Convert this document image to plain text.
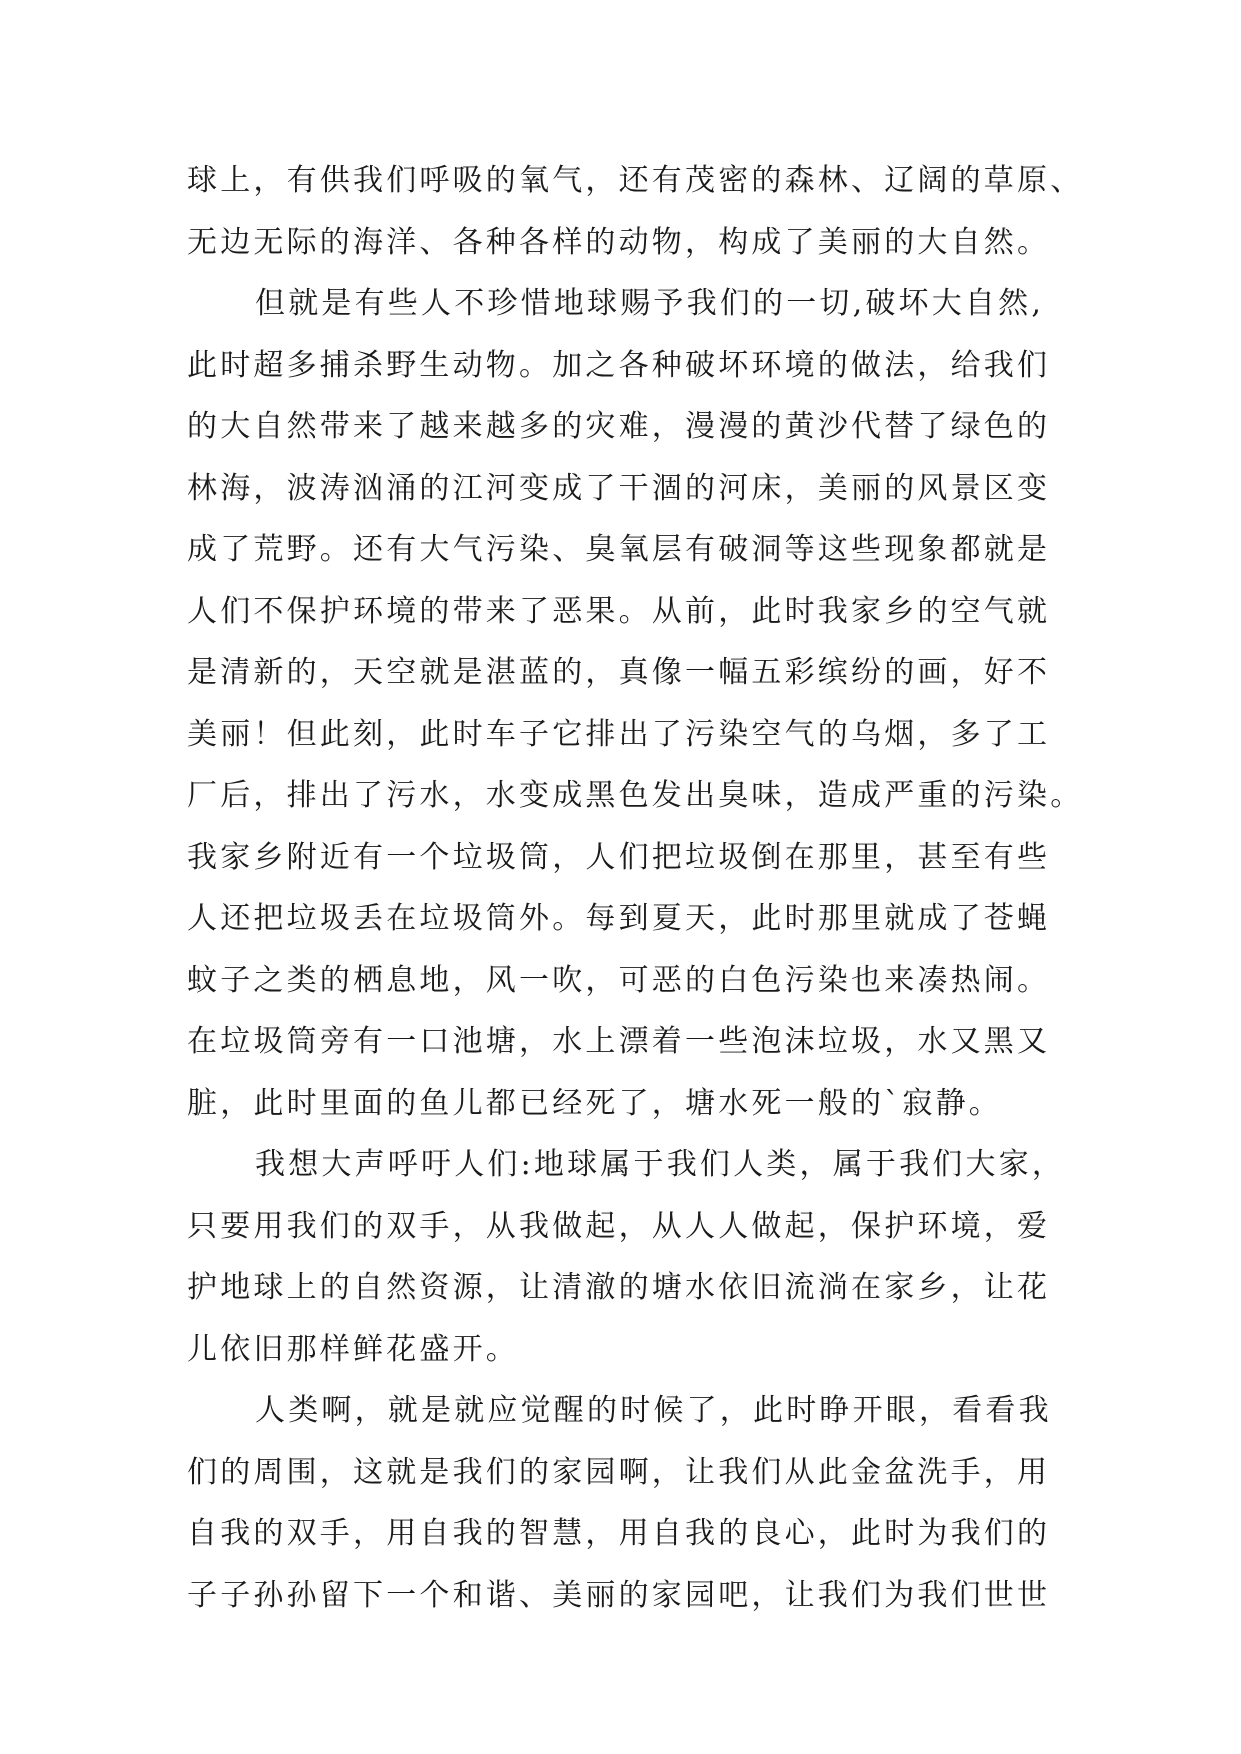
球上，有供我们呼吸的氧气，还有茂密的森林、辽阔的草原、
无边无际的海洋、各种各样的动物，构成了美丽的大自然。
但就是有些人不珍惜地球赐予我们的一切,破坏大自然,
此时超多捕杀野生动物。加之各种破坏环境的做法，给我们
的大自然带来了越来越多的灾难，漫漫的黄沙代替了绿色的
林海，波涛汹涌的江河变成了干涸的河床，美丽的风景区变
成了荒野。还有大气污染、臭氧层有破洞等这些现象都就是
人们不保护环境的带来了恶果。从前，此时我家乡的空气就
是清新的，天空就是湛蓝的，真像一幅五彩缤纷的画，好不
美丽！但此刻，此时车子它排出了污染空气的乌烟，多了工
厂后，排出了污水，水变成黑色发出臭味，造成严重的污染。
我家乡附近有一个垃圾筒，人们把垃圾倒在那里，甚至有些
人还把垃圾丢在垃圾筒外。每到夏天，此时那里就成了苍蝇
蚊子之类的栖息地，风一吹，可恶的白色污染也来凑热闹。
在垃圾筒旁有一口池塘，水上漂着一些泡沫垃圾，水又黑又
脏，此时里面的鱼儿都已经死了，塘水死一般的`寂静。
我想大声呼吁人们:地球属于我们人类，属于我们大家，
只要用我们的双手，从我做起，从人人做起，保护环境，爱
护地球上的自然资源，让清澈的塘水依旧流淌在家乡，让花
儿依旧那样鲜花盛开。
人类啊，就是就应觉醒的时候了，此时睁开眼，看看我
们的周围，这就是我们的家园啊，让我们从此金盆洗手，用
自我的双手，用自我的智慧，用自我的良心，此时为我们的
子子孙孙留下一个和谐、美丽的家园吧，让我们为我们世世
